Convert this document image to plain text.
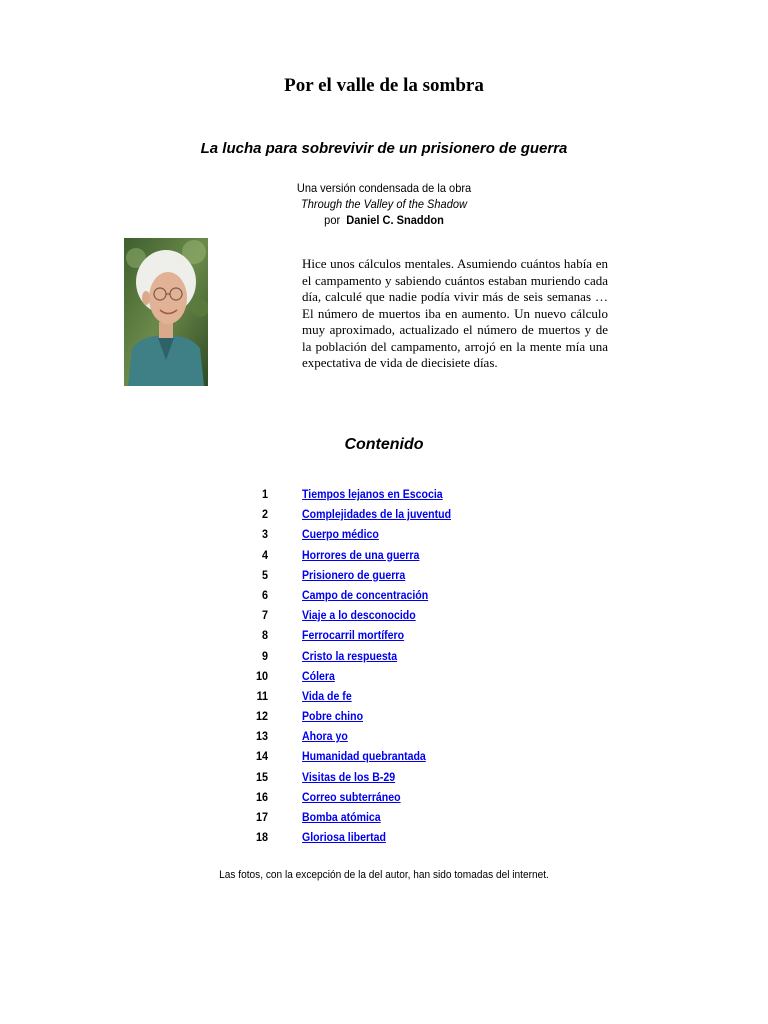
Por el valle de la sombra
La lucha para sobrevivir de un prisionero de guerra
Una versión condensada de la obra
Through the Valley of the Shadow
por Daniel C. Snaddon
Hice unos cálculos mentales. Asumiendo cuántos había en el campamento y sabiendo cuántos estaban muriendo cada día, calculé que nadie podía vivir más de seis semanas … El número de muertos iba en aumento. Un nuevo cálculo muy aproximado, actualizado el número de muertos y de la población del campamento, arrojó en la mente mía una expectativa de vida de diecisiete días.
Contenido
1	Tiempos lejanos en Escocia
2	Complejidades de la juventud
3	Cuerpo médico
4	Horrores de una guerra
5	Prisionero de guerra
6	Campo de concentración
7	Viaje a lo desconocido
8	Ferrocarril mortífero
9	Cristo la respuesta
10	Cólera
11	Vida de fe
12	Pobre chino
13	Ahora yo
14	Humanidad quebrantada
15	Visitas de los B-29
16	Correo subterráneo
17	Bomba atómica
18	Gloriosa libertad
Las fotos, con la excepción de la del autor, han sido tomadas del internet.
